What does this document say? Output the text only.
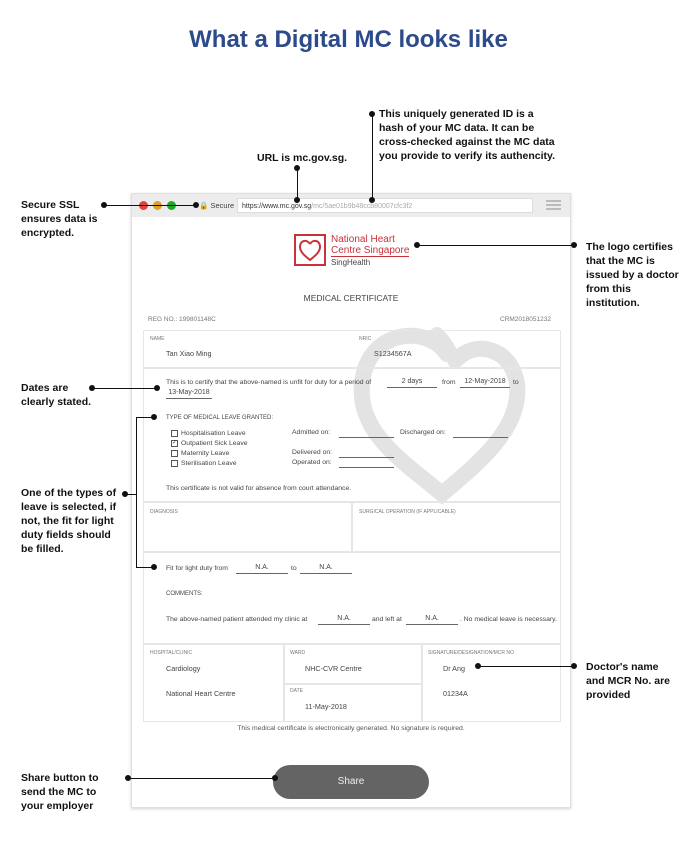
What a Digital MC looks like
🔒 Secure	https://www.mc.gov.sg/mc/5ae01b9b48ccb80007cfc3f2
National Heart
Centre Singapore
SingHealth
MEDICAL CERTIFICATE
REG NO.: 199801148C	CRM2018051232
NAME
Tan Xiao Ming
NRIC
S1234567A
This is to certify that the above-named is unfit for duty for a period of	2 days	from	12-May-2018	to
13-May-2018
TYPE OF MEDICAL LEAVE GRANTED:
Hospitalisation Leave
✓ Outpatient Sick Leave
Maternity Leave
Sterilisation Leave
Admitted on:	Discharged on:
Delivered on:
Operated on:
This certificate is not valid for absence from court attendance.
DIAGNOSIS	SURGICAL OPERATION (IF APPLICABLE)
Fit for light duty from	N.A.	to	N.A.
COMMENTS:
The above-named patient attended my clinic at	N.A.	and left at	N.A.	. No medical leave is necessary.
HOSPITAL/CLINIC
Cardiology
National Heart Centre
WARD
NHC-CVR Centre
DATE
11-May-2018
SIGNATURE/DESIGNATION/MCR NO
Dr Ang
01234A
This medical certificate is electronically generated. No signature is required.
Share
Secure SSL ensures data is encrypted.
URL is mc.gov.sg.
This uniquely generated ID is a hash of your MC data. It can be cross-checked against the MC data you provide to verify its authencity.
The logo certifies that the MC is issued by a doctor from this institution.
Dates are clearly stated.
One of the types of leave is selected, if not, the fit for light duty fields should be filled.
Doctor's name and MCR No. are provided
Share button to send the MC to your employer
